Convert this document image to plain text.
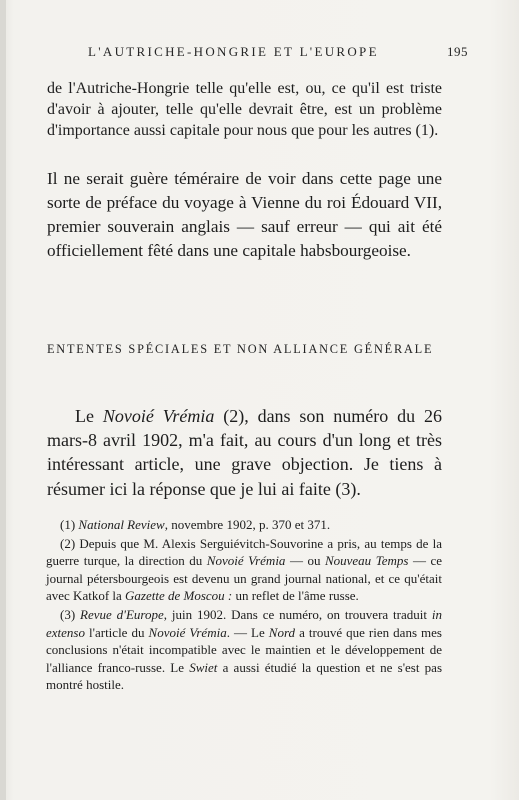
L'AUTRICHE-HONGRIE ET L'EUROPE	195

de l'Autriche-Hongrie telle qu'elle est, ou, ce qu'il est triste d'avoir à ajouter, telle qu'elle devrait être, est un problème d'importance aussi capitale pour nous que pour les autres (1).

Il ne serait guère téméraire de voir dans cette page une sorte de préface du voyage à Vienne du roi Édouard VII, premier souverain anglais — sauf erreur — qui ait été officiellement fêté dans une capitale habsbourgeoise.

ENTENTES SPÉCIALES ET NON ALLIANCE GÉNÉRALE

Le Novoié Vrémia (2), dans son numéro du 26 mars-8 avril 1902, m'a fait, au cours d'un long et très intéressant article, une grave objection. Je tiens à résumer ici la réponse que je lui ai faite (3).

(1) National Review, novembre 1902, p. 370 et 371.

(2) Depuis que M. Alexis Serguiévitch-Souvorine a pris, au temps de la guerre turque, la direction du Novoié Vrémia — ou Nouveau Temps — ce journal pétersbourgeois est devenu un grand journal national, et ce qu'était avec Katkof la Gazette de Moscou : un reflet de l'âme russe.

(3) Revue d'Europe, juin 1902. Dans ce numéro, on trouvera traduit in extenso l'article du Novoié Vrémia. — Le Nord a trouvé que rien dans mes conclusions n'était incompatible avec le maintien et le développement de l'alliance franco-russe. Le Swiet a aussi étudié la question et ne s'est pas montré hostile.
